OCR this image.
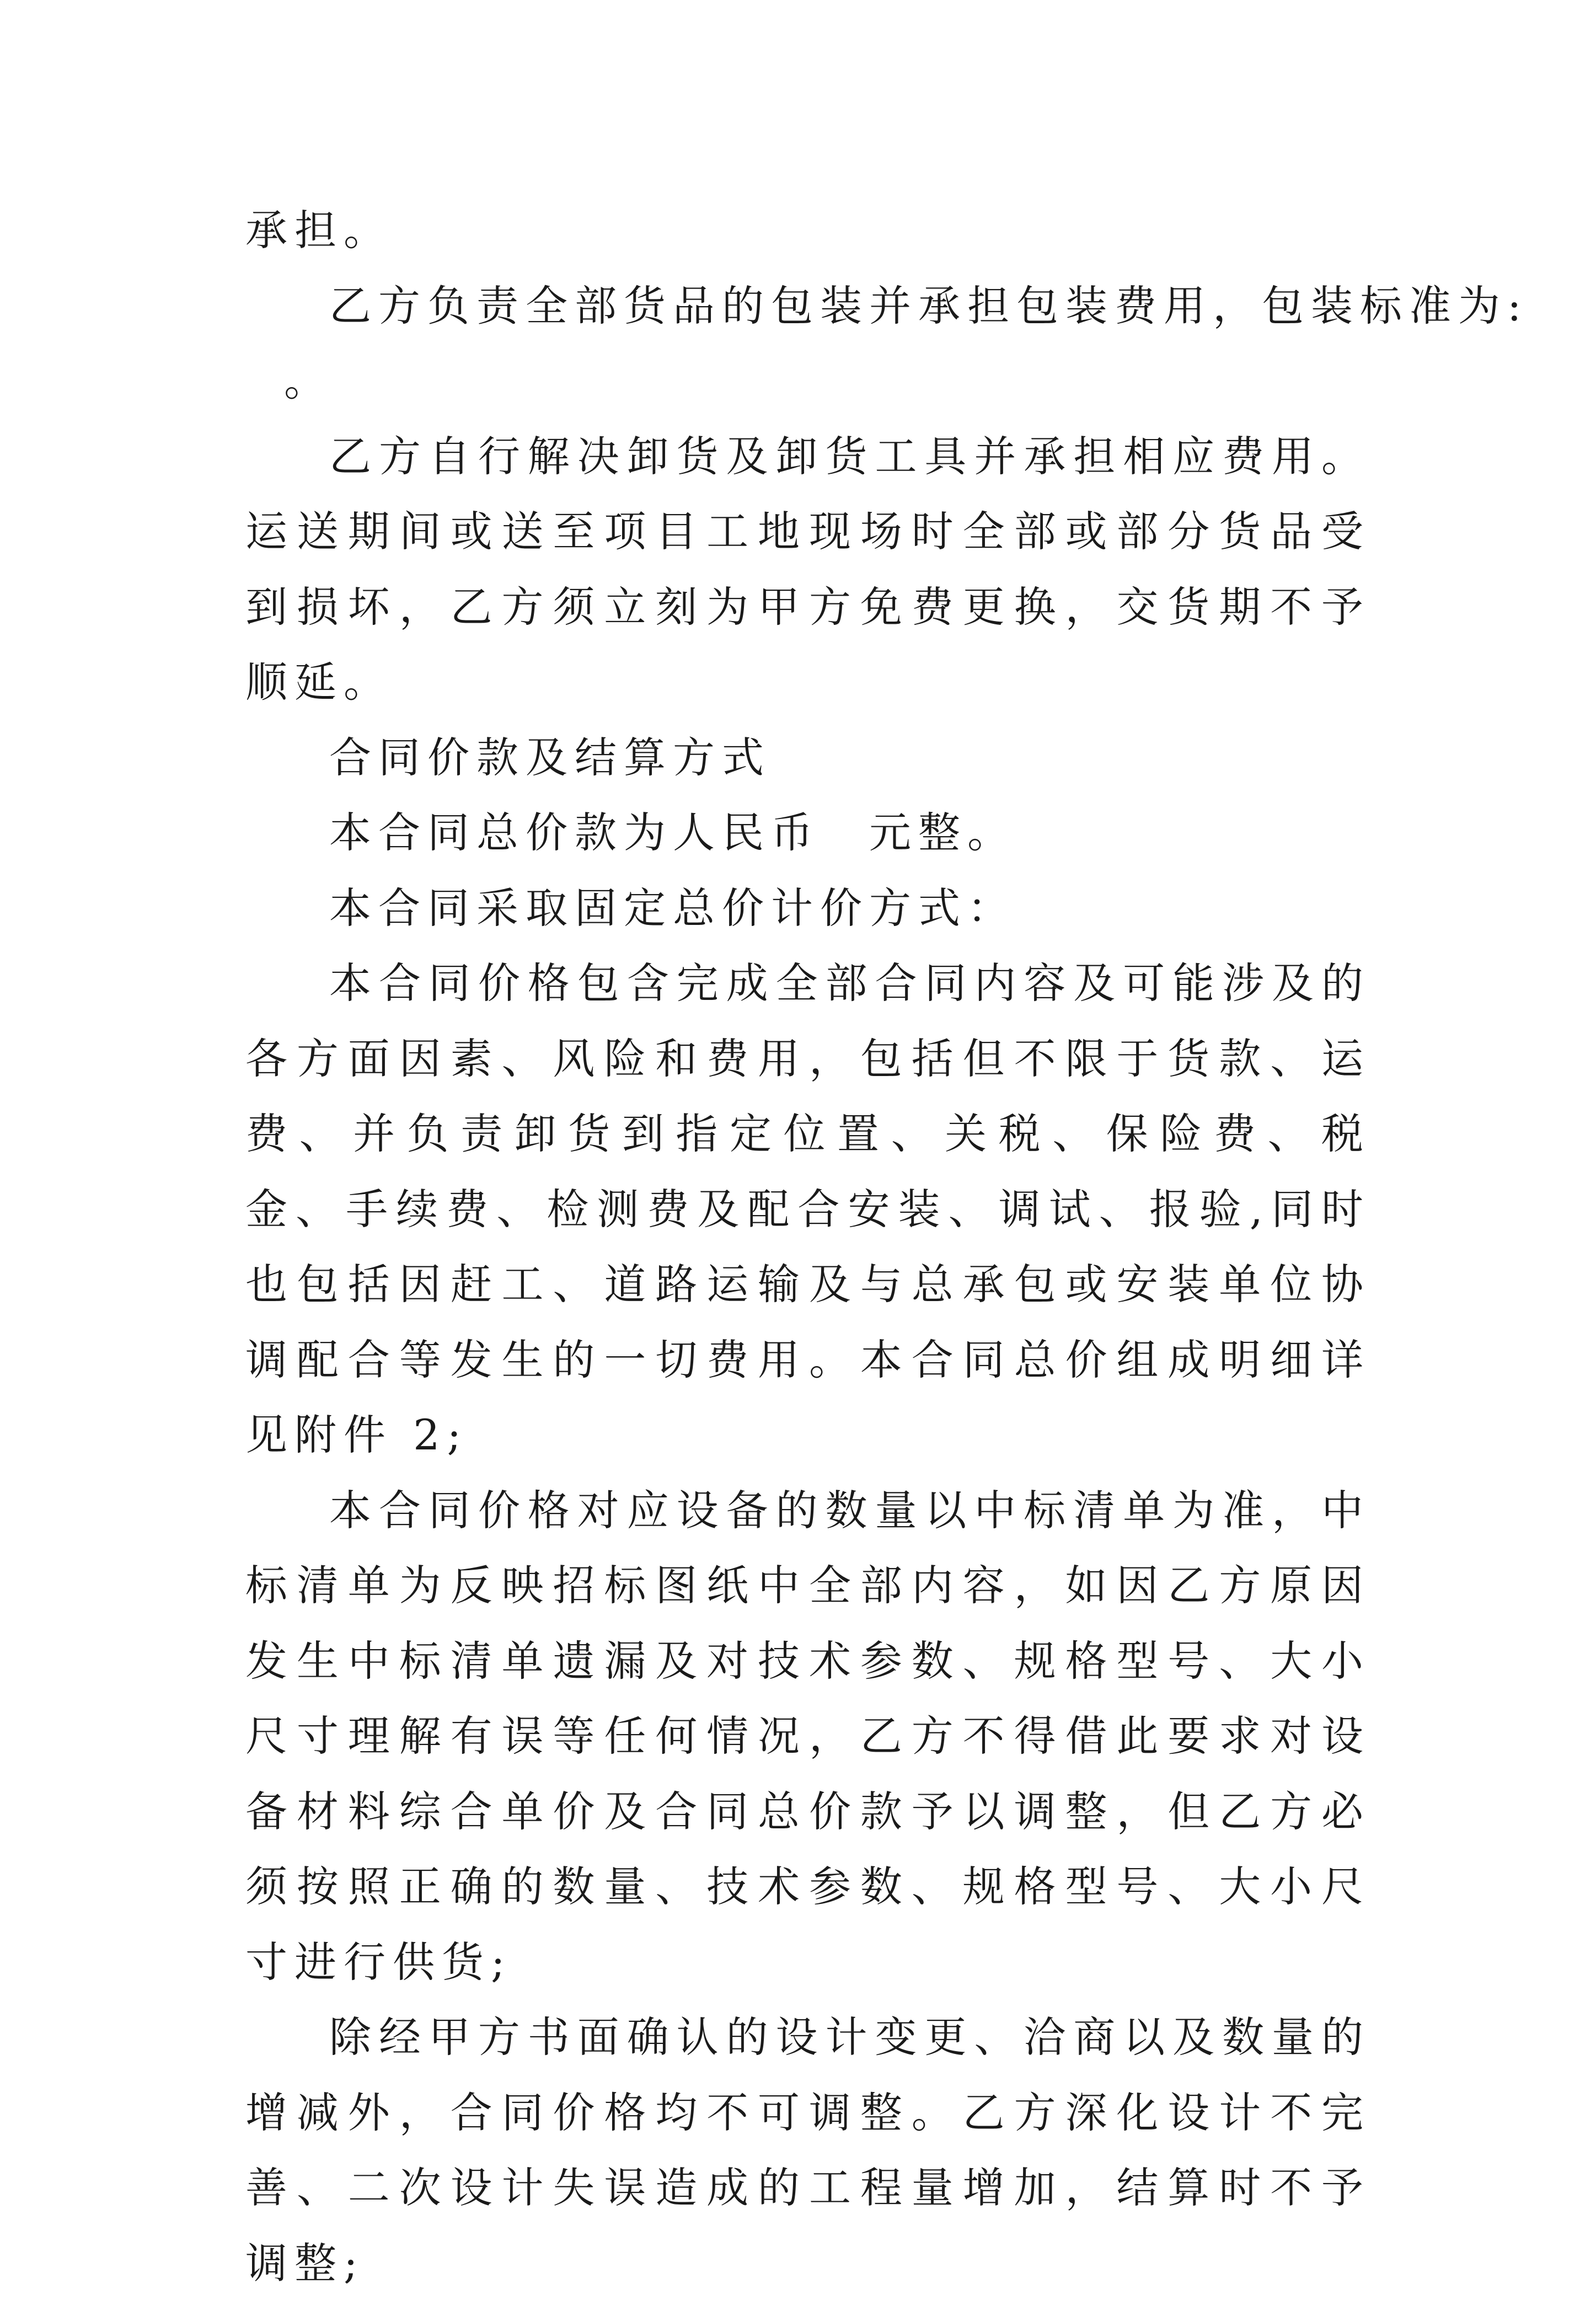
承担。

乙方负责全部货品的包装并承担包装费用，包装标准为:

。

乙方自行解决卸货及卸货工具并承担相应费用。运送期间或送至项目工地现场时全部或部分货品受到损坏，乙方须立刻为甲方免费更换，交货期不予顺延。

合同价款及结算方式

本合同总价款为人民币　元整。

本合同采取固定总价计价方式：

本合同价格包含完成全部合同内容及可能涉及的各方面因素、风险和费用，包括但不限于货款、运费、并负责卸货到指定位置、关税、保险费、税金、手续费、检测费及配合安装、调试、报验,同时也包括因赶工、道路运输及与总承包或安装单位协调配合等发生的一切费用。本合同总价组成明细详见附件 2;

本合同价格对应设备的数量以中标清单为准，中标清单为反映招标图纸中全部内容，如因乙方原因发生中标清单遗漏及对技术参数、规格型号、大小尺寸理解有误等任何情况，乙方不得借此要求对设备材料综合单价及合同总价款予以调整，但乙方必须按照正确的数量、技术参数、规格型号、大小尺寸进行供货;

除经甲方书面确认的设计变更、洽商以及数量的增减外，合同价格均不可调整。乙方深化设计不完善、二次设计失误造成的工程量增加，结算时不予调整;
